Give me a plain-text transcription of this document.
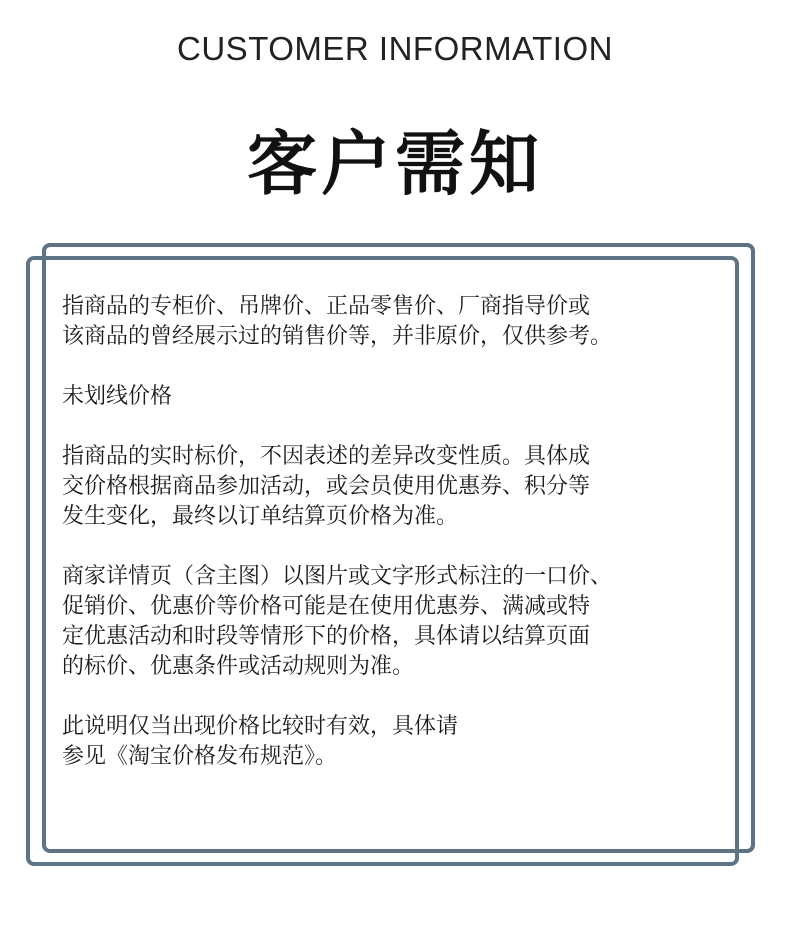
CUSTOMER INFORMATION
客户需知

指商品的专柜价、吊牌价、正品零售价、厂商指导价或
该商品的曾经展示过的销售价等，并非原价，仅供参考。

未划线价格

指商品的实时标价，不因表述的差异改变性质。具体成
交价格根据商品参加活动，或会员使用优惠券、积分等
发生变化，最终以订单结算页价格为准。

商家详情页（含主图）以图片或文字形式标注的一口价、
促销价、优惠价等价格可能是在使用优惠券、满减或特
定优惠活动和时段等情形下的价格，具体请以结算页面
的标价、优惠条件或活动规则为准。

此说明仅当出现价格比较时有效，具体请
参见《淘宝价格发布规范》。
